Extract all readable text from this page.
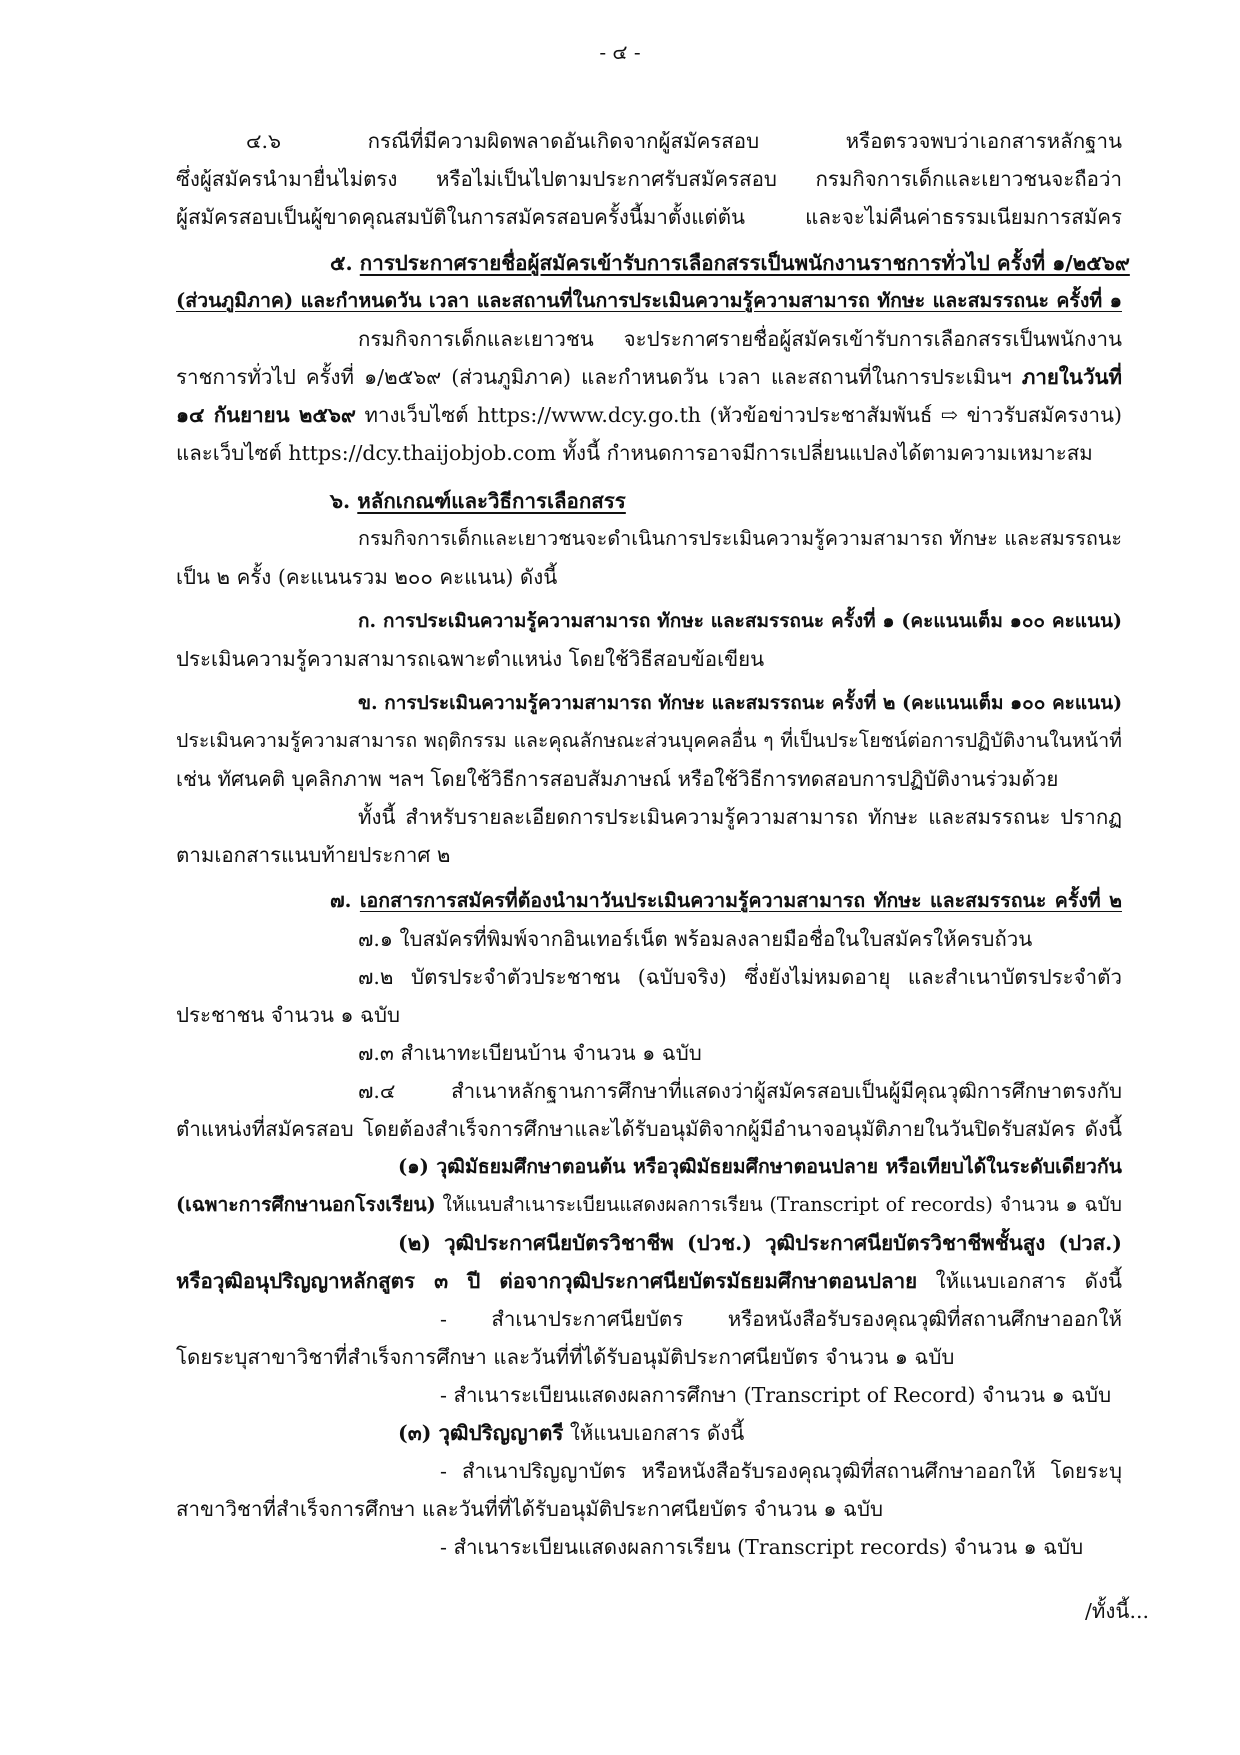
- ๔ -
๔.๖ กรณีที่มีความผิดพลาดอันเกิดจากผู้สมัครสอบ หรือตรวจพบว่าเอกสารหลักฐาน
ซึ่งผู้สมัครนำมายื่นไม่ตรง หรือไม่เป็นไปตามประกาศรับสมัครสอบ กรมกิจการเด็กและเยาวชนจะถือว่า
ผู้สมัครสอบเป็นผู้ขาดคุณสมบัติในการสมัครสอบครั้งนี้มาตั้งแต่ต้น และจะไม่คืนค่าธรรมเนียมการสมัคร
๕. การประกาศรายชื่อผู้สมัครเข้ารับการเลือกสรรเป็นพนักงานราชการทั่วไป ครั้งที่ ๑/๒๕๖๙
(ส่วนภูมิภาค) และกำหนดวัน เวลา และสถานที่ในการประเมินความรู้ความสามารถ ทักษะ และสมรรถนะ ครั้งที่ ๑
กรมกิจการเด็กและเยาวชน จะประกาศรายชื่อผู้สมัครเข้ารับการเลือกสรรเป็นพนักงาน
ราชการทั่วไป ครั้งที่ ๑/๒๕๖๙ (ส่วนภูมิภาค) และกำหนดวัน เวลา และสถานที่ในการประเมินฯ ภายในวันที่
๑๔ กันยายน ๒๕๖๙ ทางเว็บไซต์ https://www.dcy.go.th (หัวข้อข่าวประชาสัมพันธ์ ⇨ ข่าวรับสมัครงาน)
และเว็บไซต์ https://dcy.thaijobjob.com ทั้งนี้ กำหนดการอาจมีการเปลี่ยนแปลงได้ตามความเหมาะสม
๖. หลักเกณฑ์และวิธีการเลือกสรร
กรมกิจการเด็กและเยาวชนจะดำเนินการประเมินความรู้ความสามารถ ทักษะ และสมรรถนะ
เป็น ๒ ครั้ง (คะแนนรวม ๒๐๐ คะแนน) ดังนี้
ก. การประเมินความรู้ความสามารถ ทักษะ และสมรรถนะ ครั้งที่ ๑ (คะแนนเต็ม ๑๐๐ คะแนน)
ประเมินความรู้ความสามารถเฉพาะตำแหน่ง โดยใช้วิธีสอบข้อเขียน
ข. การประเมินความรู้ความสามารถ ทักษะ และสมรรถนะ ครั้งที่ ๒ (คะแนนเต็ม ๑๐๐ คะแนน)
ประเมินความรู้ความสามารถ พฤติกรรม และคุณลักษณะส่วนบุคคลอื่น ๆ ที่เป็นประโยชน์ต่อการปฏิบัติงานในหน้าที่
เช่น ทัศนคติ บุคลิกภาพ ฯลฯ โดยใช้วิธีการสอบสัมภาษณ์ หรือใช้วิธีการทดสอบการปฏิบัติงานร่วมด้วย
ทั้งนี้ สำหรับรายละเอียดการประเมินความรู้ความสามารถ ทักษะ และสมรรถนะ ปรากฏ
ตามเอกสารแนบท้ายประกาศ ๒
๗. เอกสารการสมัครที่ต้องนำมาวันประเมินความรู้ความสามารถ ทักษะ และสมรรถนะ ครั้งที่ ๒
๗.๑ ใบสมัครที่พิมพ์จากอินเทอร์เน็ต พร้อมลงลายมือชื่อในใบสมัครให้ครบถ้วน
๗.๒ บัตรประจำตัวประชาชน (ฉบับจริง) ซึ่งยังไม่หมดอายุ และสำเนาบัตรประจำตัว
ประชาชน จำนวน ๑ ฉบับ
๗.๓ สำเนาทะเบียนบ้าน จำนวน ๑ ฉบับ
๗.๔ สำเนาหลักฐานการศึกษาที่แสดงว่าผู้สมัครสอบเป็นผู้มีคุณวุฒิการศึกษาตรงกับ
ตำแหน่งที่สมัครสอบ โดยต้องสำเร็จการศึกษาและได้รับอนุมัติจากผู้มีอำนาจอนุมัติภายในวันปิดรับสมัคร ดังนี้
(๑) วุฒิมัธยมศึกษาตอนต้น หรือวุฒิมัธยมศึกษาตอนปลาย หรือเทียบได้ในระดับเดียวกัน
(เฉพาะการศึกษานอกโรงเรียน) ให้แนบสำเนาระเบียนแสดงผลการเรียน (Transcript of records) จำนวน ๑ ฉบับ
(๒) วุฒิประกาศนียบัตรวิชาชีพ (ปวช.) วุฒิประกาศนียบัตรวิชาชีพชั้นสูง (ปวส.)
หรือวุฒิอนุปริญญาหลักสูตร ๓ ปี ต่อจากวุฒิประกาศนียบัตรมัธยมศึกษาตอนปลาย ให้แนบเอกสาร ดังนี้
- สำเนาประกาศนียบัตร หรือหนังสือรับรองคุณวุฒิที่สถานศึกษาออกให้
โดยระบุสาขาวิชาที่สำเร็จการศึกษา และวันที่ที่ได้รับอนุมัติประกาศนียบัตร จำนวน ๑ ฉบับ
- สำเนาระเบียนแสดงผลการศึกษา (Transcript of Record) จำนวน ๑ ฉบับ
(๓) วุฒิปริญญาตรี ให้แนบเอกสาร ดังนี้
- สำเนาปริญญาบัตร หรือหนังสือรับรองคุณวุฒิที่สถานศึกษาออกให้ โดยระบุ
สาขาวิชาที่สำเร็จการศึกษา และวันที่ที่ได้รับอนุมัติประกาศนียบัตร จำนวน ๑ ฉบับ
- สำเนาระเบียนแสดงผลการเรียน (Transcript records) จำนวน ๑ ฉบับ
/ทั้งนี้...
